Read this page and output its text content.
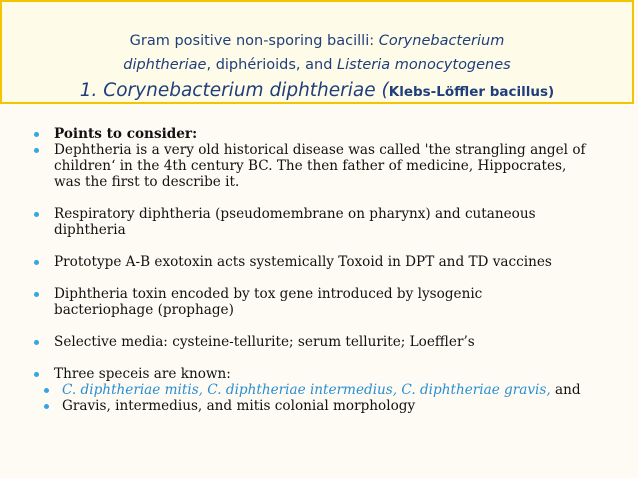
Gram positive non-sporing bacilli: Corynebacterium
diphtheriae, diphérioids, and Listeria monocytogenes
1. Corynebacterium diphtheriae (Klebs-Löffler bacillus)
Points to consider:
Dephtheria is a very old historical disease was called 'the strangling angel of
children‘ in the 4th century BC. The then father of medicine, Hippocrates,
was the first to describe it.
Respiratory diphtheria (pseudomembrane on pharynx) and cutaneous
diphtheria
Prototype A-B exotoxin acts systemically Toxoid in DPT and TD vaccines
Diphtheria toxin encoded by tox gene introduced by lysogenic
bacteriophage (prophage)
Selective media: cysteine-tellurite; serum tellurite; Loeffler’s
Three speceis are known:
C. diphtheriae mitis, C. diphtheriae intermedius, C. diphtheriae gravis, and
Gravis, intermedius, and mitis colonial morphology
